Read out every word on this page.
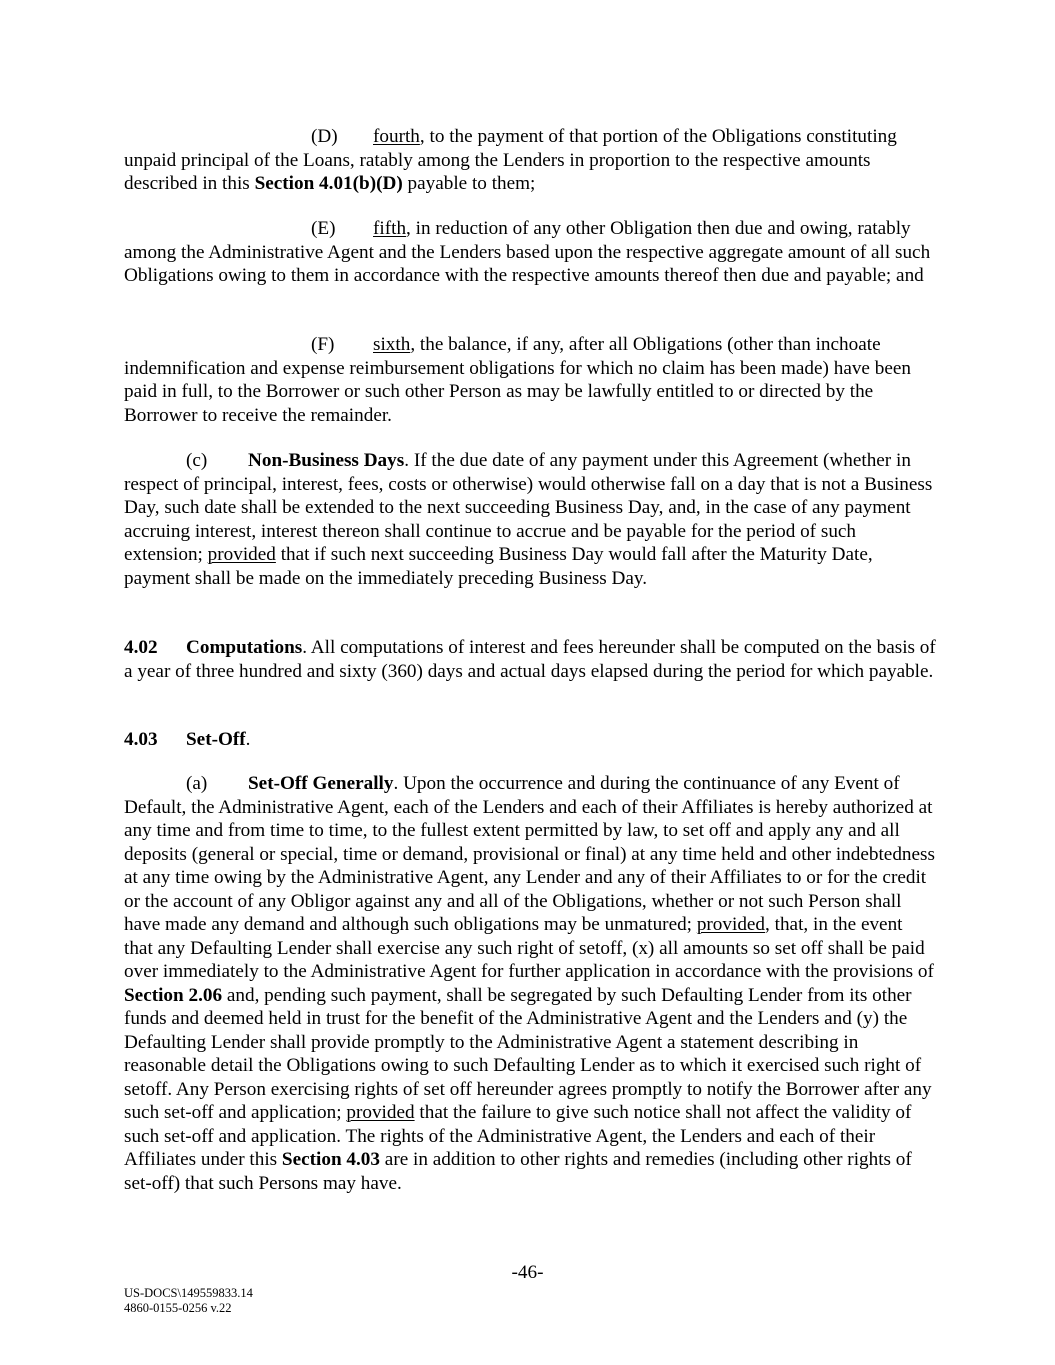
(D) fourth, to the payment of that portion of the Obligations constituting unpaid principal of the Loans, ratably among the Lenders in proportion to the respective amounts described in this Section 4.01(b)(D) payable to them;

(E) fifth, in reduction of any other Obligation then due and owing, ratably among the Administrative Agent and the Lenders based upon the respective aggregate amount of all such Obligations owing to them in accordance with the respective amounts thereof then due and payable; and

(F) sixth, the balance, if any, after all Obligations (other than inchoate indemnification and expense reimbursement obligations for which no claim has been made) have been paid in full, to the Borrower or such other Person as may be lawfully entitled to or directed by the Borrower to receive the remainder.

(c) Non-Business Days. If the due date of any payment under this Agreement (whether in respect of principal, interest, fees, costs or otherwise) would otherwise fall on a day that is not a Business Day, such date shall be extended to the next succeeding Business Day, and, in the case of any payment accruing interest, interest thereon shall continue to accrue and be payable for the period of such extension; provided that if such next succeeding Business Day would fall after the Maturity Date, payment shall be made on the immediately preceding Business Day.

4.02 Computations. All computations of interest and fees hereunder shall be computed on the basis of a year of three hundred and sixty (360) days and actual days elapsed during the period for which payable.

4.03 Set-Off.

(a) Set-Off Generally. Upon the occurrence and during the continuance of any Event of Default, the Administrative Agent, each of the Lenders and each of their Affiliates is hereby authorized at any time and from time to time, to the fullest extent permitted by law, to set off and apply any and all deposits (general or special, time or demand, provisional or final) at any time held and other indebtedness at any time owing by the Administrative Agent, any Lender and any of their Affiliates to or for the credit or the account of any Obligor against any and all of the Obligations, whether or not such Person shall have made any demand and although such obligations may be unmatured; provided, that, in the event that any Defaulting Lender shall exercise any such right of setoff, (x) all amounts so set off shall be paid over immediately to the Administrative Agent for further application in accordance with the provisions of Section 2.06 and, pending such payment, shall be segregated by such Defaulting Lender from its other funds and deemed held in trust for the benefit of the Administrative Agent and the Lenders and (y) the Defaulting Lender shall provide promptly to the Administrative Agent a statement describing in reasonable detail the Obligations owing to such Defaulting Lender as to which it exercised such right of setoff. Any Person exercising rights of set off hereunder agrees promptly to notify the Borrower after any such set-off and application; provided that the failure to give such notice shall not affect the validity of such set-off and application. The rights of the Administrative Agent, the Lenders and each of their Affiliates under this Section 4.03 are in addition to other rights and remedies (including other rights of set-off) that such Persons may have.

-46-
US-DOCS\149559833.14
4860-0155-0256 v.22
